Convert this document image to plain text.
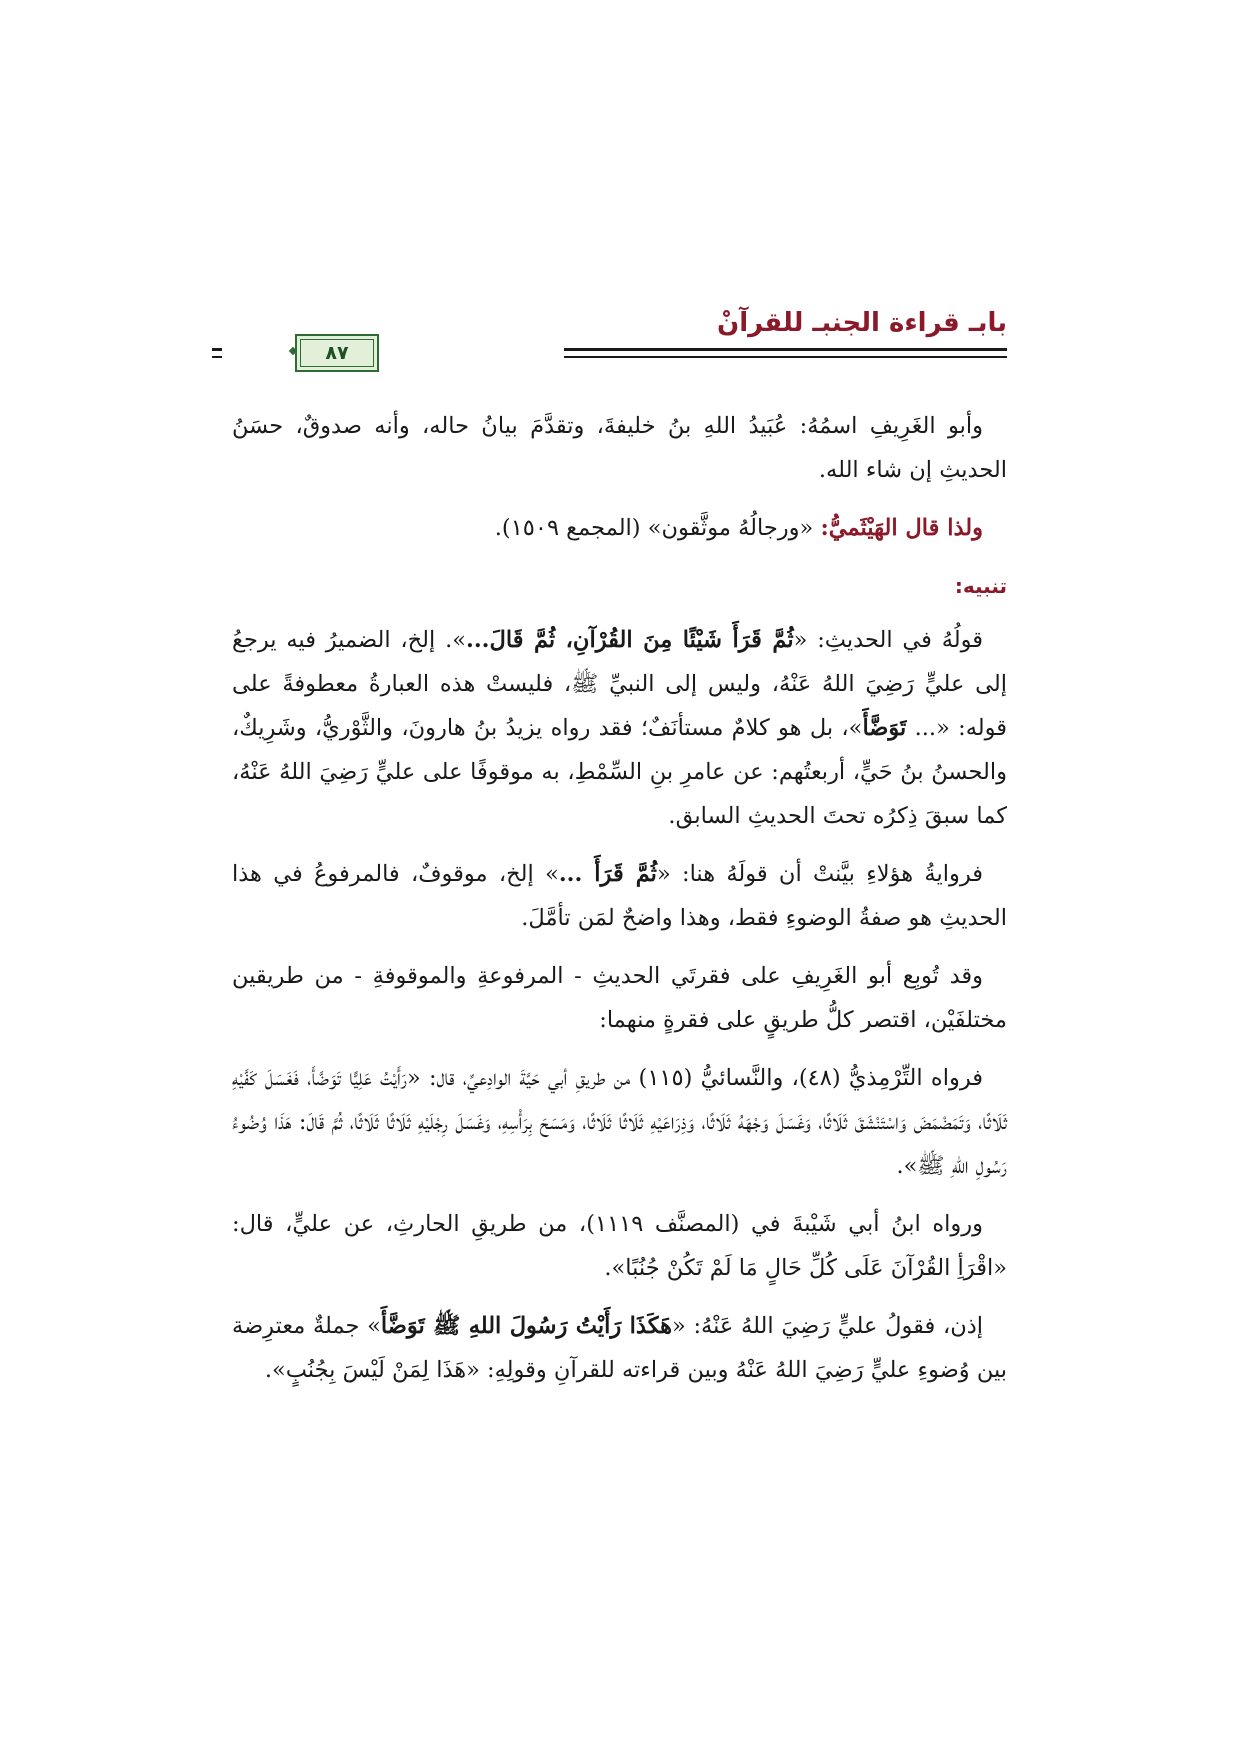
بابـ قراءة الجنبـ للقرآنْ
٨٧

وأبو الغَرِيفِ اسمُهُ: عُبَيدُ اللهِ بنُ خليفةَ، وتقدَّمَ بيانُ حاله، وأنه صدوقٌ، حسَنُ الحديثِ إن شاء الله.

ولذا قال الهَيْثَميُّ: «ورجالُهُ موثَّقون» (المجمع ١٥٠٩).

تنبيه:

قولُهُ في الحديثِ: «ثُمَّ قَرَأَ شَيْئًا مِنَ القُرْآنِ، ثُمَّ قَالَ...». إلخ، الضميرُ فيه يرجعُ إلى عليٍّ رَضِيَ اللهُ عَنْهُ، وليس إلى النبيِّ ﷺ، فليستْ هذه العبارةُ معطوفةً على قوله: «... تَوَضَّأَ»، بل هو كلامٌ مستأنَفٌ؛ فقد رواه يزيدُ بنُ هارونَ، والثَّوْريُّ، وشَرِيكٌ، والحسنُ بنُ حَيٍّ، أربعتُهم: عن عامرِ بنِ السِّمْطِ، به موقوفًا على عليٍّ رَضِيَ اللهُ عَنْهُ، كما سبقَ ذِكرُه تحتَ الحديثِ السابق.

فروايةُ هؤلاءِ بيَّنتْ أن قولَهُ هنا: «ثُمَّ قَرَأَ ...» إلخ، موقوفٌ، فالمرفوعُ في هذا الحديثِ هو صفةُ الوضوءِ فقط، وهذا واضحٌ لمَن تأمَّلَ.

وقد تُوبِع أبو الغَرِيفِ على فقرتَي الحديثِ - المرفوعةِ والموقوفةِ - من طريقين مختلفَيْن، اقتصر كلُّ طريقٍ على فقرةٍ منهما:

فرواه التِّرْمِذيُّ (٤٨)، والنَّسائيُّ (١١٥) من طريقِ أبي حَيَّةَ الوادِعيِّ، قال: «رَأَيْتُ عَلِيًّا تَوَضَّأَ، فَغَسَلَ كَفَّيْهِ ثَلَاثًا، وَتَمَضْمَضَ وَاسْتَنْشَقَ ثَلَاثًا، وَغَسَلَ وَجْهَهُ ثَلَاثًا، وَذِرَاعَيْهِ ثَلَاثًا ثَلَاثًا، وَمَسَحَ بِرَأْسِهِ، وَغَسَلَ رِجْلَيْهِ ثَلَاثًا ثَلَاثًا، ثُمَّ قَالَ: هَذَا وُضُوءُ رَسُولِ اللهِ ﷺ».

ورواه ابنُ أبي شَيْبةَ في (المصنَّف ١١١٩)، من طريقِ الحارثِ، عن عليٍّ، قال: «اقْرَأِ القُرْآنَ عَلَى كُلِّ حَالٍ مَا لَمْ تَكُنْ جُنُبًا».

إذن، فقولُ عليٍّ رَضِيَ اللهُ عَنْهُ: «هَكَذَا رَأَيْتُ رَسُولَ اللهِ ﷺ تَوَضَّأَ» جملةٌ معترِضة بين وُضوءِ عليٍّ رَضِيَ اللهُ عَنْهُ وبين قراءته للقرآنِ وقولِهِ: «هَذَا لِمَنْ لَيْسَ بِجُنُبٍ».
